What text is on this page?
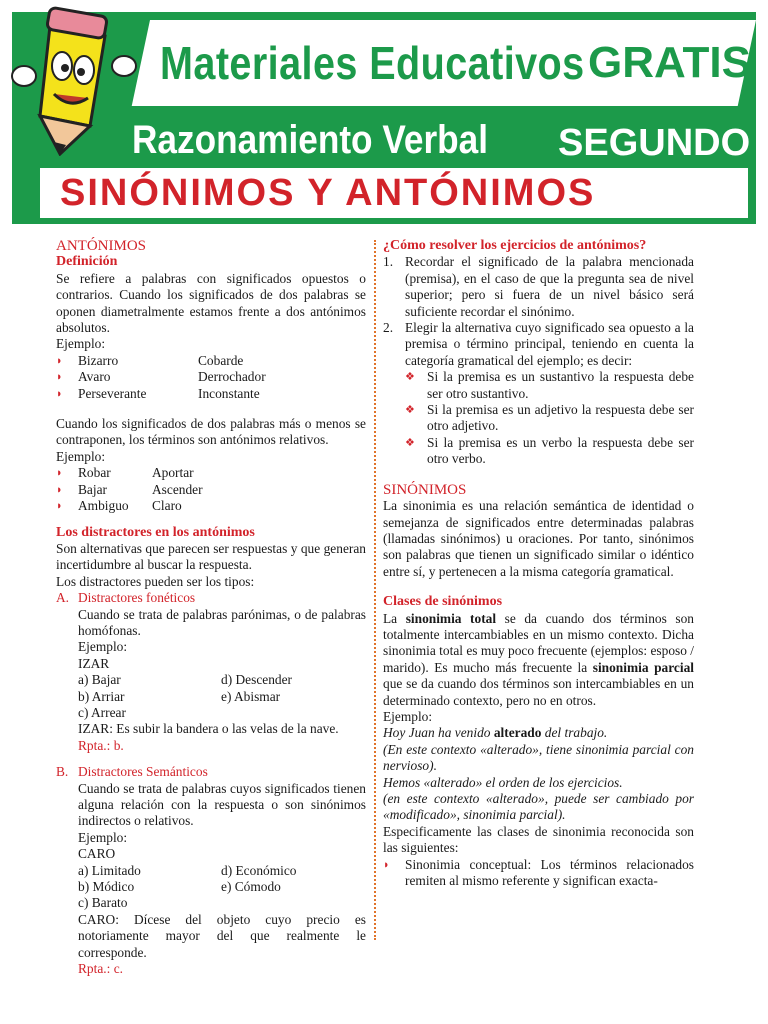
Materiales Educativos GRATIS
Razonamiento Verbal SEGUNDO
SINÓNIMOS Y ANTÓNIMOS
ANTÓNIMOS
Definición

Se refiere a palabras con significados opuestos o contrarios. Cuando los significados de dos palabras se oponen diametralmente estamos frente a dos antónimos absolutos.

Ejemplo:
◗	Bizarro	Cobarde
◗	Avaro	Derrochador
◗	Perseverante	Inconstante

Cuando los significados de dos palabras más o menos se contraponen, los términos son antónimos relativos.

Ejemplo:
◗	Robar	Aportar
◗	Bajar	Ascender
◗	Ambiguo	Claro
Los distractores en los antónimos

Son alternativas que parecen ser respuestas y que generan incertidumbre al buscar la respuesta.

Los distractores pueden ser los tipos:
A. Distractores fonéticos

Cuando se trata de palabras parónimas, o de palabras homófonas.

Ejemplo:
IZAR
a) Bajar	d) Descender
b) Arriar	e) Abismar
c) Arrear

IZAR: Es subir la bandera o las velas de la nave.

Rpta.: b.
B. Distractores Semánticos

Cuando se trata de palabras cuyos significados tienen alguna relación con la respuesta o son sinónimos indirectos o relativos.

Ejemplo:
CARO
a) Limitado	d) Económico
b) Módico	e) Cómodo
c) Barato

CARO: Dícese del objeto cuyo precio es notoriamente mayor del que realmente le corresponde.

Rpta.: c.
¿Cómo resolver los ejercicios de antónimos?
1. Recordar el significado de la palabra mencionada (premisa), en el caso de que la pregunta sea de nivel superior; pero si fuera de un nivel básico será suficiente recordar el sinónimo.
2. Elegir la alternativa cuyo significado sea opuesto a la premisa o término principal, teniendo en cuenta la categoría gramatical del ejemplo; es decir:
❖ Si la premisa es un sustantivo la respuesta debe ser otro sustantivo.
❖ Si la premisa es un adjetivo la respuesta debe ser otro adjetivo.
❖ Si la premisa es un verbo la respuesta debe ser otro verbo.
SINÓNIMOS

La sinonimia es una relación semántica de identidad o semejanza de significados entre determinadas palabras (llamadas sinónimos) u oraciones. Por tanto, sinónimos son palabras que tienen un significado similar o idéntico entre sí, y pertenecen a la misma categoría gramatical.

Clases de sinónimos

La sinonimia total se da cuando dos términos son totalmente intercambiables en un mismo contexto. Dicha sinonimia total es muy poco frecuente (ejemplos: esposo / marido). Es mucho más frecuente la sinonimia parcial que se da cuando dos términos son intercambiables en un determinado contexto, pero no en otros.

Ejemplo:

Hoy Juan ha venido alterado del trabajo.

(En este contexto «alterado», tiene sinonimia parcial con nervioso).

Hemos «alterado» el orden de los ejercicios.

(en este contexto «alterado», puede ser cambiado por «modificado», sinonimia parcial).

Especificamente las clases de sinonimia reconocida son las siguientes:

◗	Sinonimia conceptual: Los términos relacionados remiten al mismo referente y significan exacta-
